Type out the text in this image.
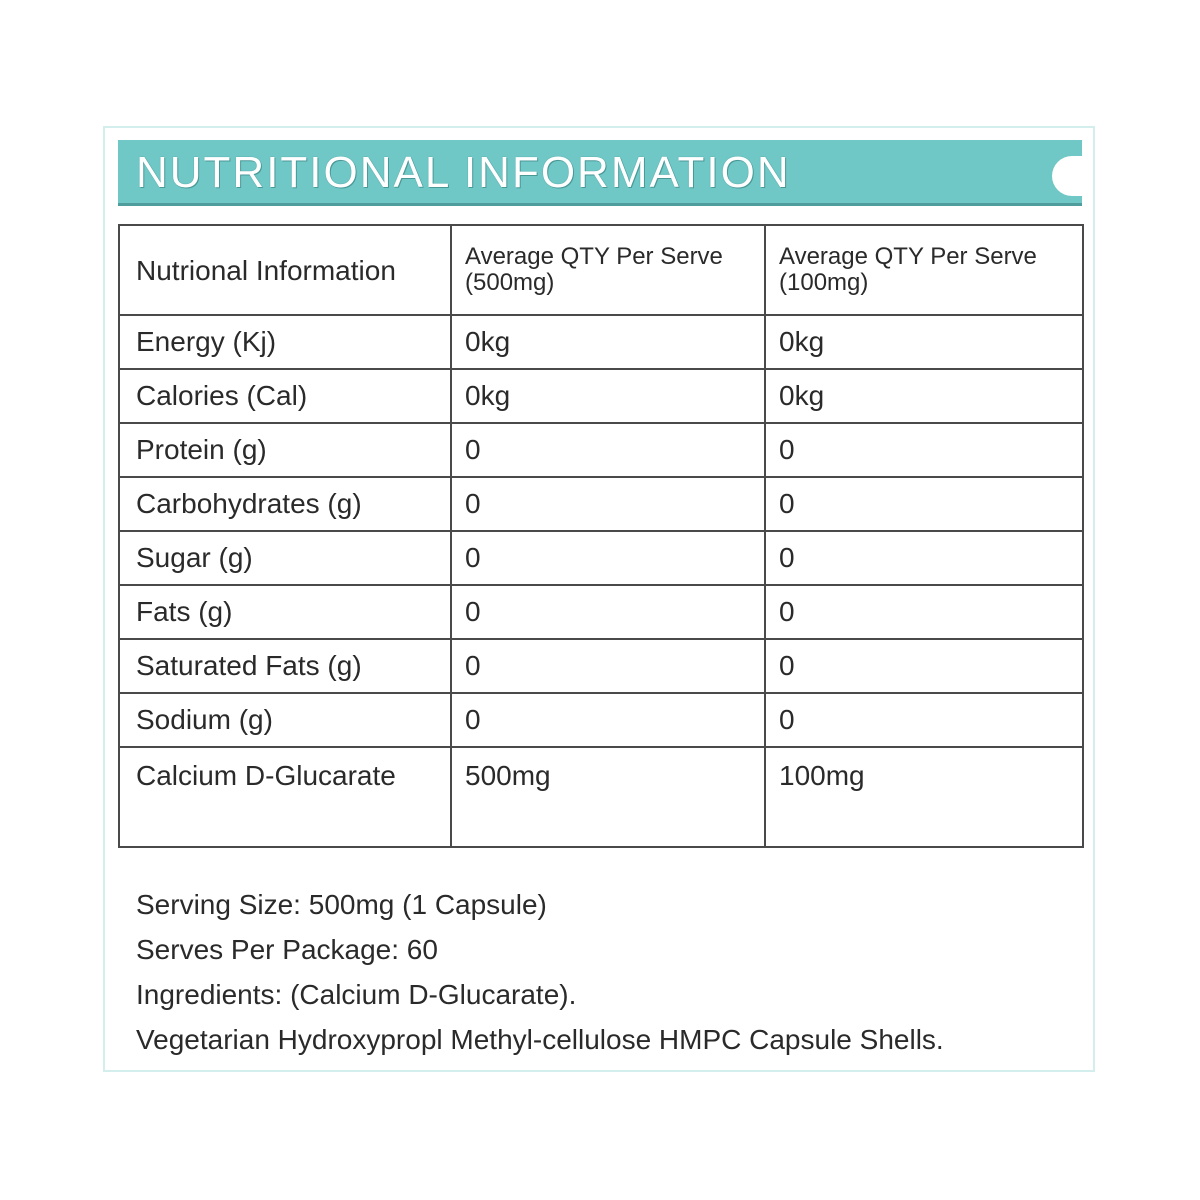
NUTRITIONAL INFORMATION
Nutrional Information	Average QTY Per Serve (500mg)	Average QTY Per Serve (100mg)
Energy (Kj)	0kg	0kg
Calories (Cal)	0kg	0kg
Protein (g)	0	0
Carbohydrates (g)	0	0
Sugar (g)	0	0
Fats (g)	0	0
Saturated Fats (g)	0	0
Sodium (g)	0	0
Calcium D-Glucarate	500mg	100mg
Serving Size: 500mg (1 Capsule)
Serves Per Package: 60
Ingredients: (Calcium D-Glucarate).
Vegetarian Hydroxypropl Methyl-cellulose HMPC Capsule Shells.
